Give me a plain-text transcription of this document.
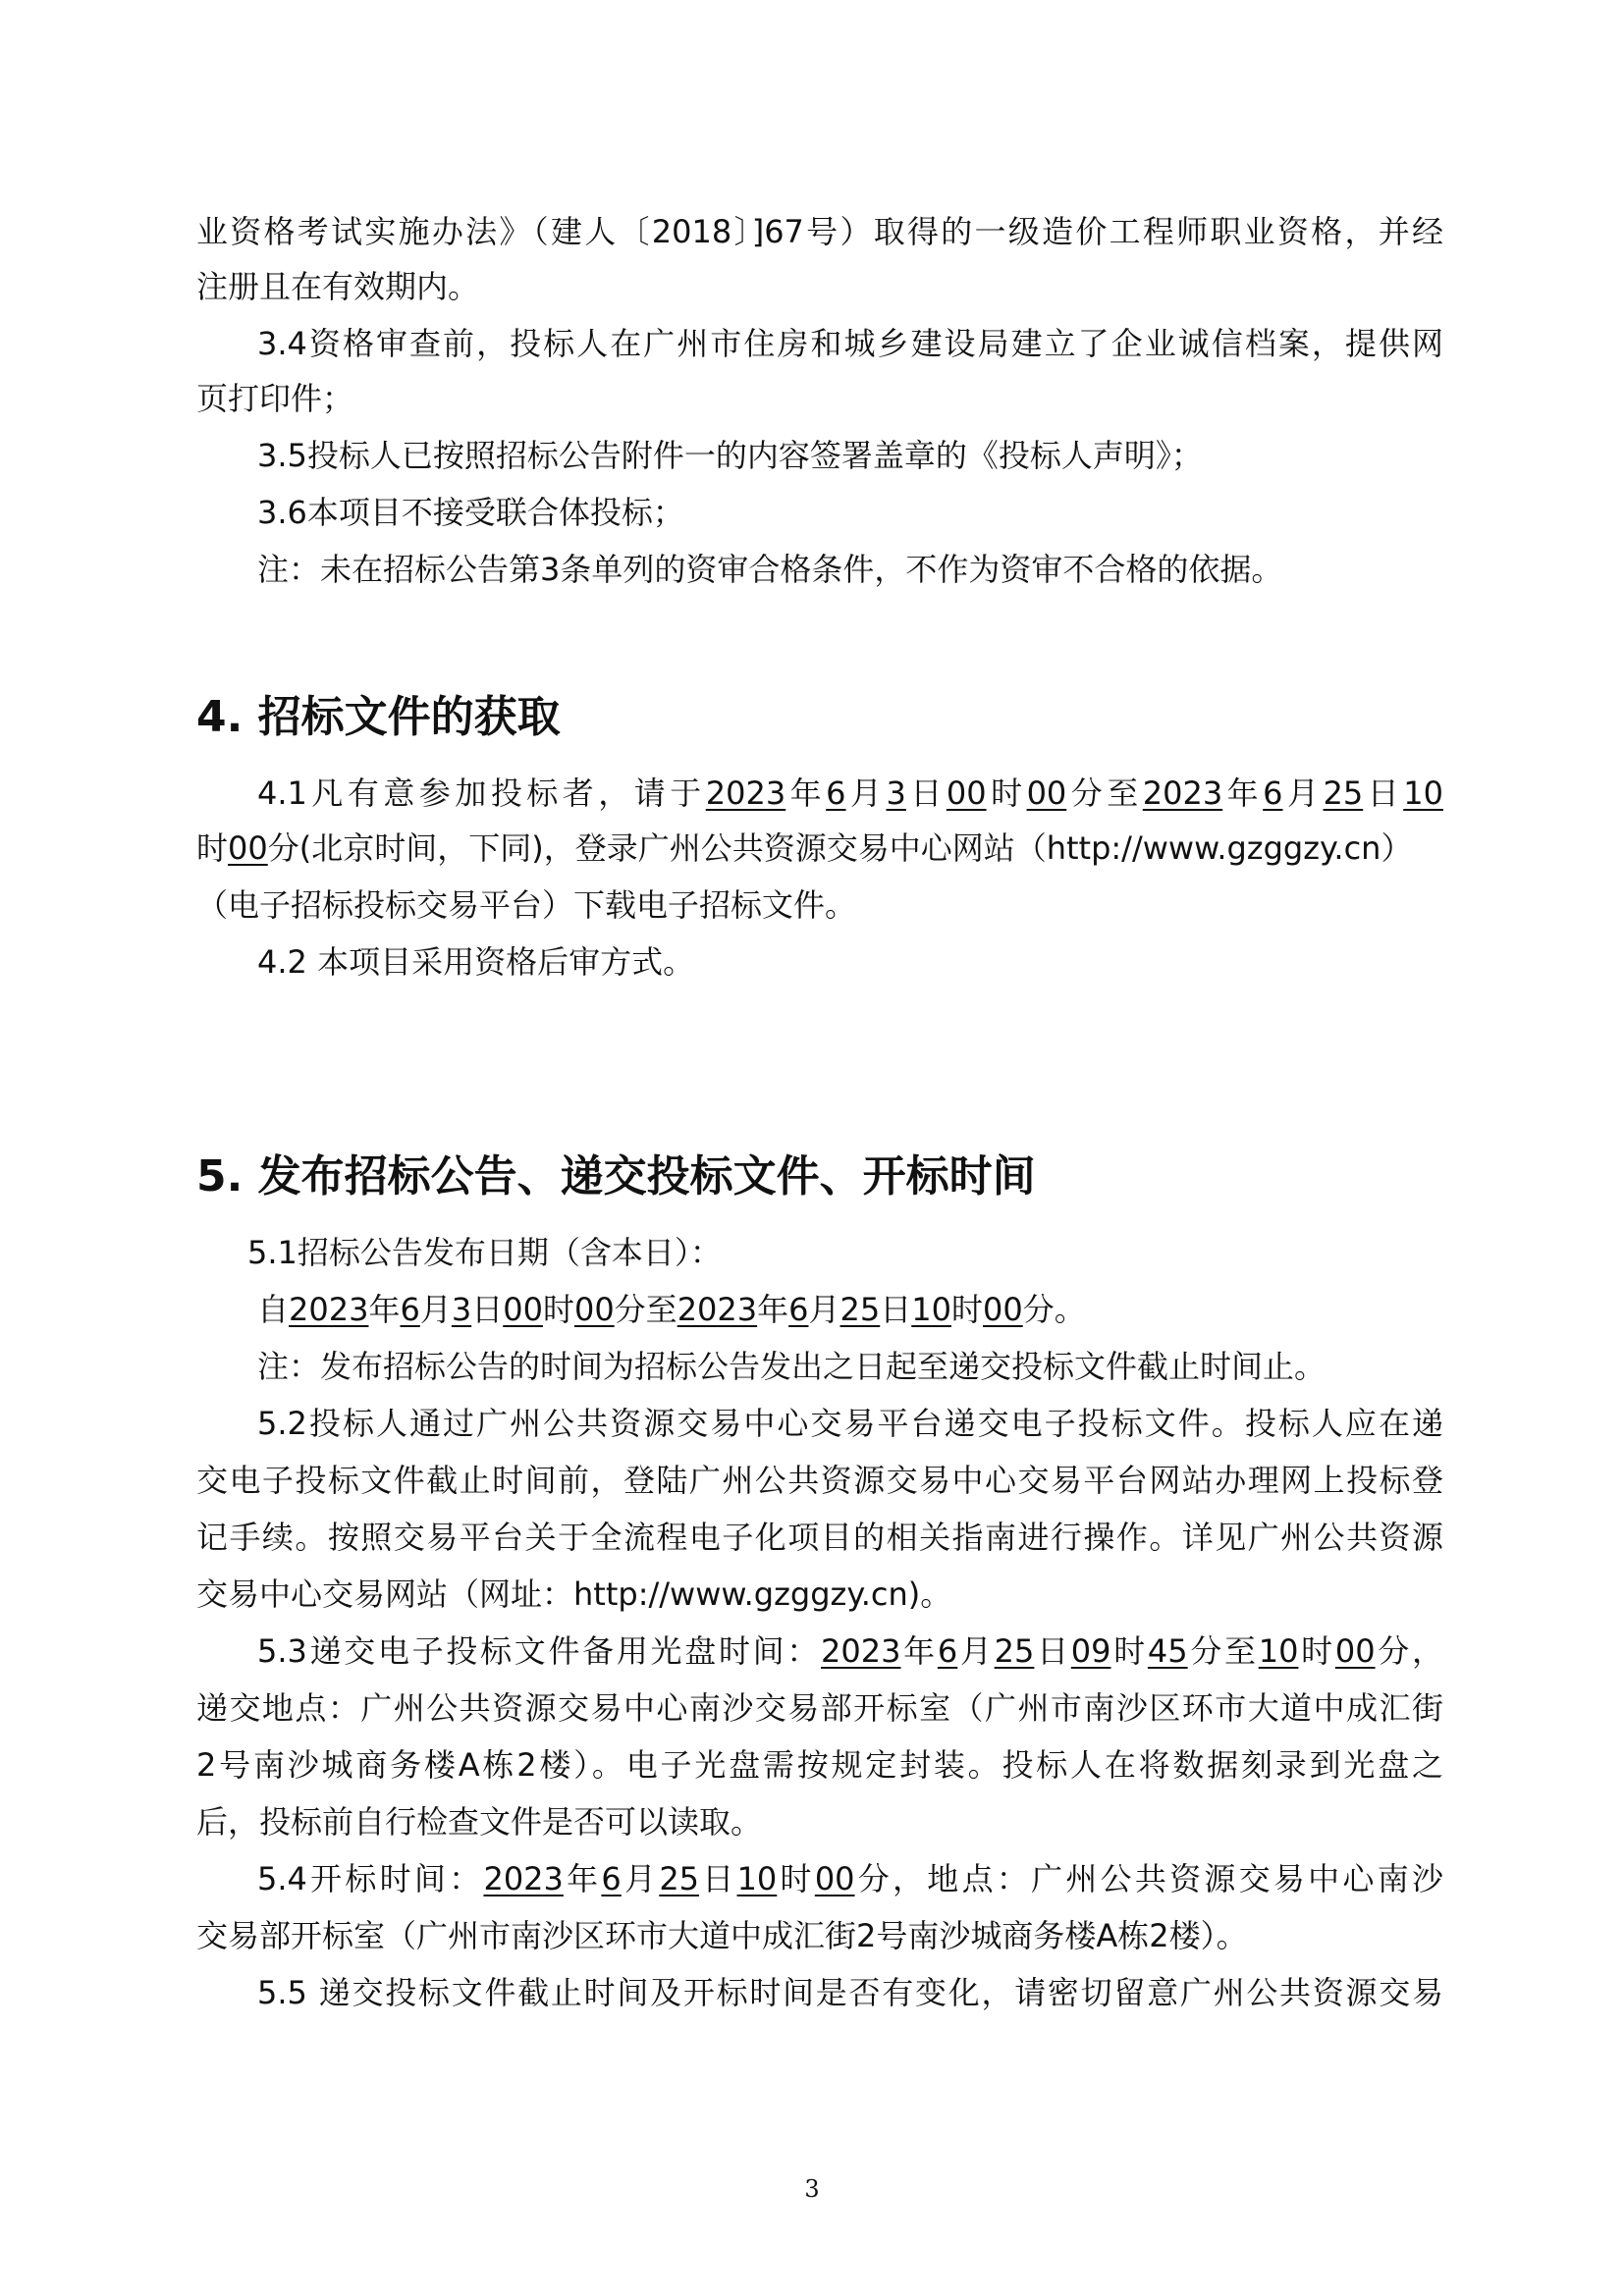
业资格考试实施办法》（建人〔2018〕]67号）取得的一级造价工程师职业资格，并经
注册且在有效期内。
3.4资格审查前，投标人在广州市住房和城乡建设局建立了企业诚信档案，提供网
页打印件；
3.5投标人已按照招标公告附件一的内容签署盖章的《投标人声明》；
3.6本项目不接受联合体投标；
注：未在招标公告第3条单列的资审合格条件，不作为资审不合格的依据。
4. 招标文件的获取
4.1凡有意参加投标者，请于2023年6月3日00时00分至2023年6月25日10
时00分(北京时间，下同)，登录广州公共资源交易中心网站（http://www.gzggzy.cn）
（电子招标投标交易平台）下载电子招标文件。
4.2 本项目采用资格后审方式。
5. 发布招标公告、递交投标文件、开标时间
5.1招标公告发布日期（含本日）：
自2023年6月3日00时00分至2023年6月25日10时00分。
注：发布招标公告的时间为招标公告发出之日起至递交投标文件截止时间止。
5.2投标人通过广州公共资源交易中心交易平台递交电子投标文件。投标人应在递
交电子投标文件截止时间前，登陆广州公共资源交易中心交易平台网站办理网上投标登
记手续。按照交易平台关于全流程电子化项目的相关指南进行操作。详见广州公共资源
交易中心交易网站（网址：http://www.gzggzy.cn)。
5.3递交电子投标文件备用光盘时间：2023年6月25日09时45分至10时00分，
递交地点：广州公共资源交易中心南沙交易部开标室（广州市南沙区环市大道中成汇街
2号南沙城商务楼A栋2楼）。电子光盘需按规定封装。投标人在将数据刻录到光盘之
后，投标前自行检查文件是否可以读取。
5.4开标时间：2023年6月25日10时00分，地点：广州公共资源交易中心南沙
交易部开标室（广州市南沙区环市大道中成汇街2号南沙城商务楼A栋2楼）。
5.5 递交投标文件截止时间及开标时间是否有变化，请密切留意广州公共资源交易
3
